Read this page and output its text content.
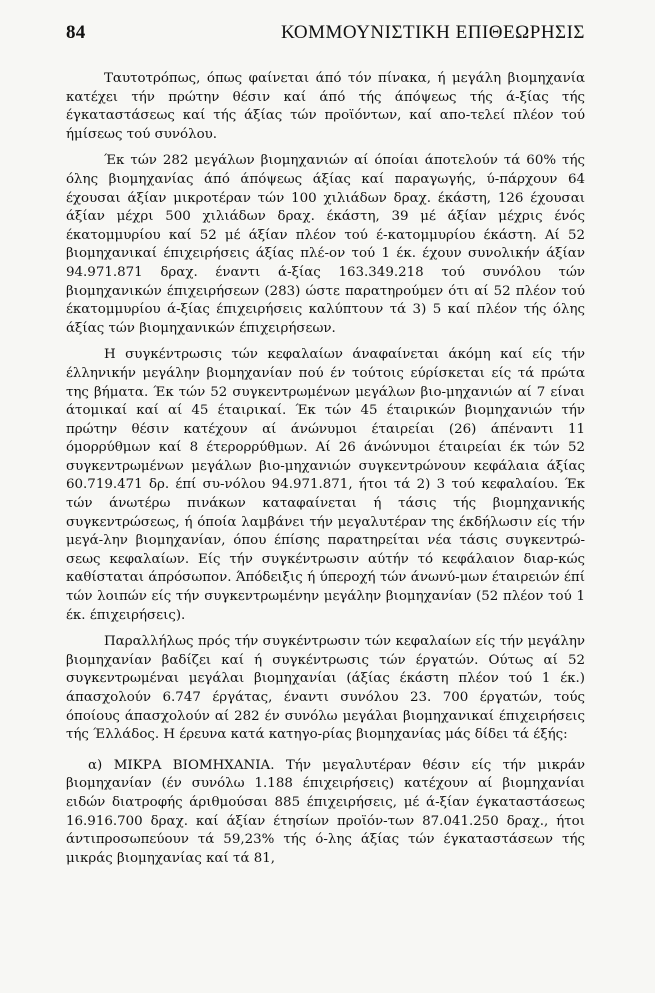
84	ΚΟΜΜΟΥΝΙΣΤΙΚΗ ΕΠΙΘΕΩΡΗΣΙΣ

Ταυτοτρόπως, όπως φαίνεται άπό τόν πίνακα, ή μεγάλη βιομηχανία κατέχει τήν πρώτην θέσιν καί άπό τής άπόψεως τής ά-ξίας τής έγκαταστάσεως καί τής άξίας τών προϊόντων, καί απο-τελεί πλέον τού ήμίσεως τού συνόλου.

Έκ τών 282 μεγάλων βιομηχανιών αί όποίαι άποτελούν τά 60% τής όλης βιομηχανίας άπό άπόψεως άξίας καί παραγωγής, ύ-πάρχουν 64 έχουσαι άξίαν μικροτέραν τών 100 χιλιάδων δραχ. έκάστη, 126 έχουσαι άξίαν μέχρι 500 χιλιάδων δραχ. έκάστη, 39 μέ άξίαν μέχρις ένός έκατομμυρίου καί 52 μέ άξίαν πλέον τού έ-κατομμυρίου έκάστη. Αί 52 βιομηχανικαί έπιχειρήσεις άξίας πλέ-ον τού 1 έκ. έχουν συνολικήν άξίαν 94.971.871 δραχ. έναντι ά-ξίας 163.349.218 τού συνόλου τών βιομηχανικών έπιχειρήσεων (283) ώστε παρατηρούμεν ότι αί 52 πλέον τού έκατομμυρίου ά-ξίας έπιχειρήσεις καλύπτουν τά 3) 5 καί πλέον τής όλης άξίας τών βιομηχανικών έπιχειρήσεων.

Η συγκέντρωσις τών κεφαλαίων άναφαίνεται άκόμη καί είς τήν έλληνικήν μεγάλην βιομηχανίαν πού έν τούτοις εύρίσκεται είς τά πρώτα της βήματα. Έκ τών 52 συγκεντρωμένων μεγάλων βιο-μηχανιών αί 7 είναι άτομικαί καί αί 45 έταιρικαί. Έκ τών 45 έταιρικών βιομηχανιών τήν πρώτην θέσιν κατέχουν αί άνώνυμοι έταιρείαι (26) άπέναντι 11 όμορρύθμων καί 8 έτερορρύθμων. Αί 26 άνώνυμοι έταιρείαι έκ τών 52 συγκεντρωμένων μεγάλων βιο-μηχανιών συγκεντρώνουν κεφάλαια άξίας 60.719.471 δρ. έπί συ-νόλου 94.971.871, ήτοι τά 2) 3 τού κεφαλαίου. Έκ τών άνωτέρω πινάκων καταφαίνεται ή τάσις τής βιομηχανικής συγκεντρώσεως, ή όποία λαμβάνει τήν μεγαλυτέραν της έκδήλωσιν είς τήν μεγά-λην βιομηχανίαν, όπου έπίσης παρατηρείται νέα τάσις συγκεντρώ-σεως κεφαλαίων. Είς τήν συγκέντρωσιν αύτήν τό κεφάλαιον διαρ-κώς καθίσταται άπρόσωπον. Άπόδειξις ή ύπεροχή τών άνωνύ-μων έταιρειών έπί τών λοιπών είς τήν συγκεντρωμένην μεγάλην βιομηχανίαν (52 πλέον τού 1 έκ. έπιχειρήσεις).

Παραλλήλως πρός τήν συγκέντρωσιν τών κεφαλαίων είς τήν μεγάλην βιομηχανίαν βαδίζει καί ή συγκέντρωσις τών έργατών. Ούτως αί 52 συγκεντρωμέναι μεγάλαι βιομηχανίαι (άξίας έκάστη πλέον τού 1 έκ.) άπασχολούν 6.747 έργάτας, έναντι συνόλου 23. 700 έργατών, τούς όποίους άπασχολούν αί 282 έν συνόλω μεγάλαι βιομηχανικαί έπιχειρήσεις τής Έλλάδος. Η έρευνα κατά κατηγο-ρίας βιομηχανίας μάς δίδει τά έξής:

α) ΜΙΚΡΑ ΒΙΟΜΗΧΑΝΙΑ. Τήν μεγαλυτέραν θέσιν είς τήν μικράν βιομηχανίαν (έν συνόλω 1.188 έπιχειρήσεις) κατέχουν αί βιομηχανίαι ειδών διατροφής άριθμούσαι 885 έπιχειρήσεις, μέ ά-ξίαν έγκαταστάσεως 16.916.700 δραχ. καί άξίαν έτησίων προϊόν-των 87.041.250 δραχ., ήτοι άντιπροσωπεύουν τά 59,23% τής ό-λης άξίας τών έγκαταστάσεων τής μικράς βιομηχανίας καί τά 81,
